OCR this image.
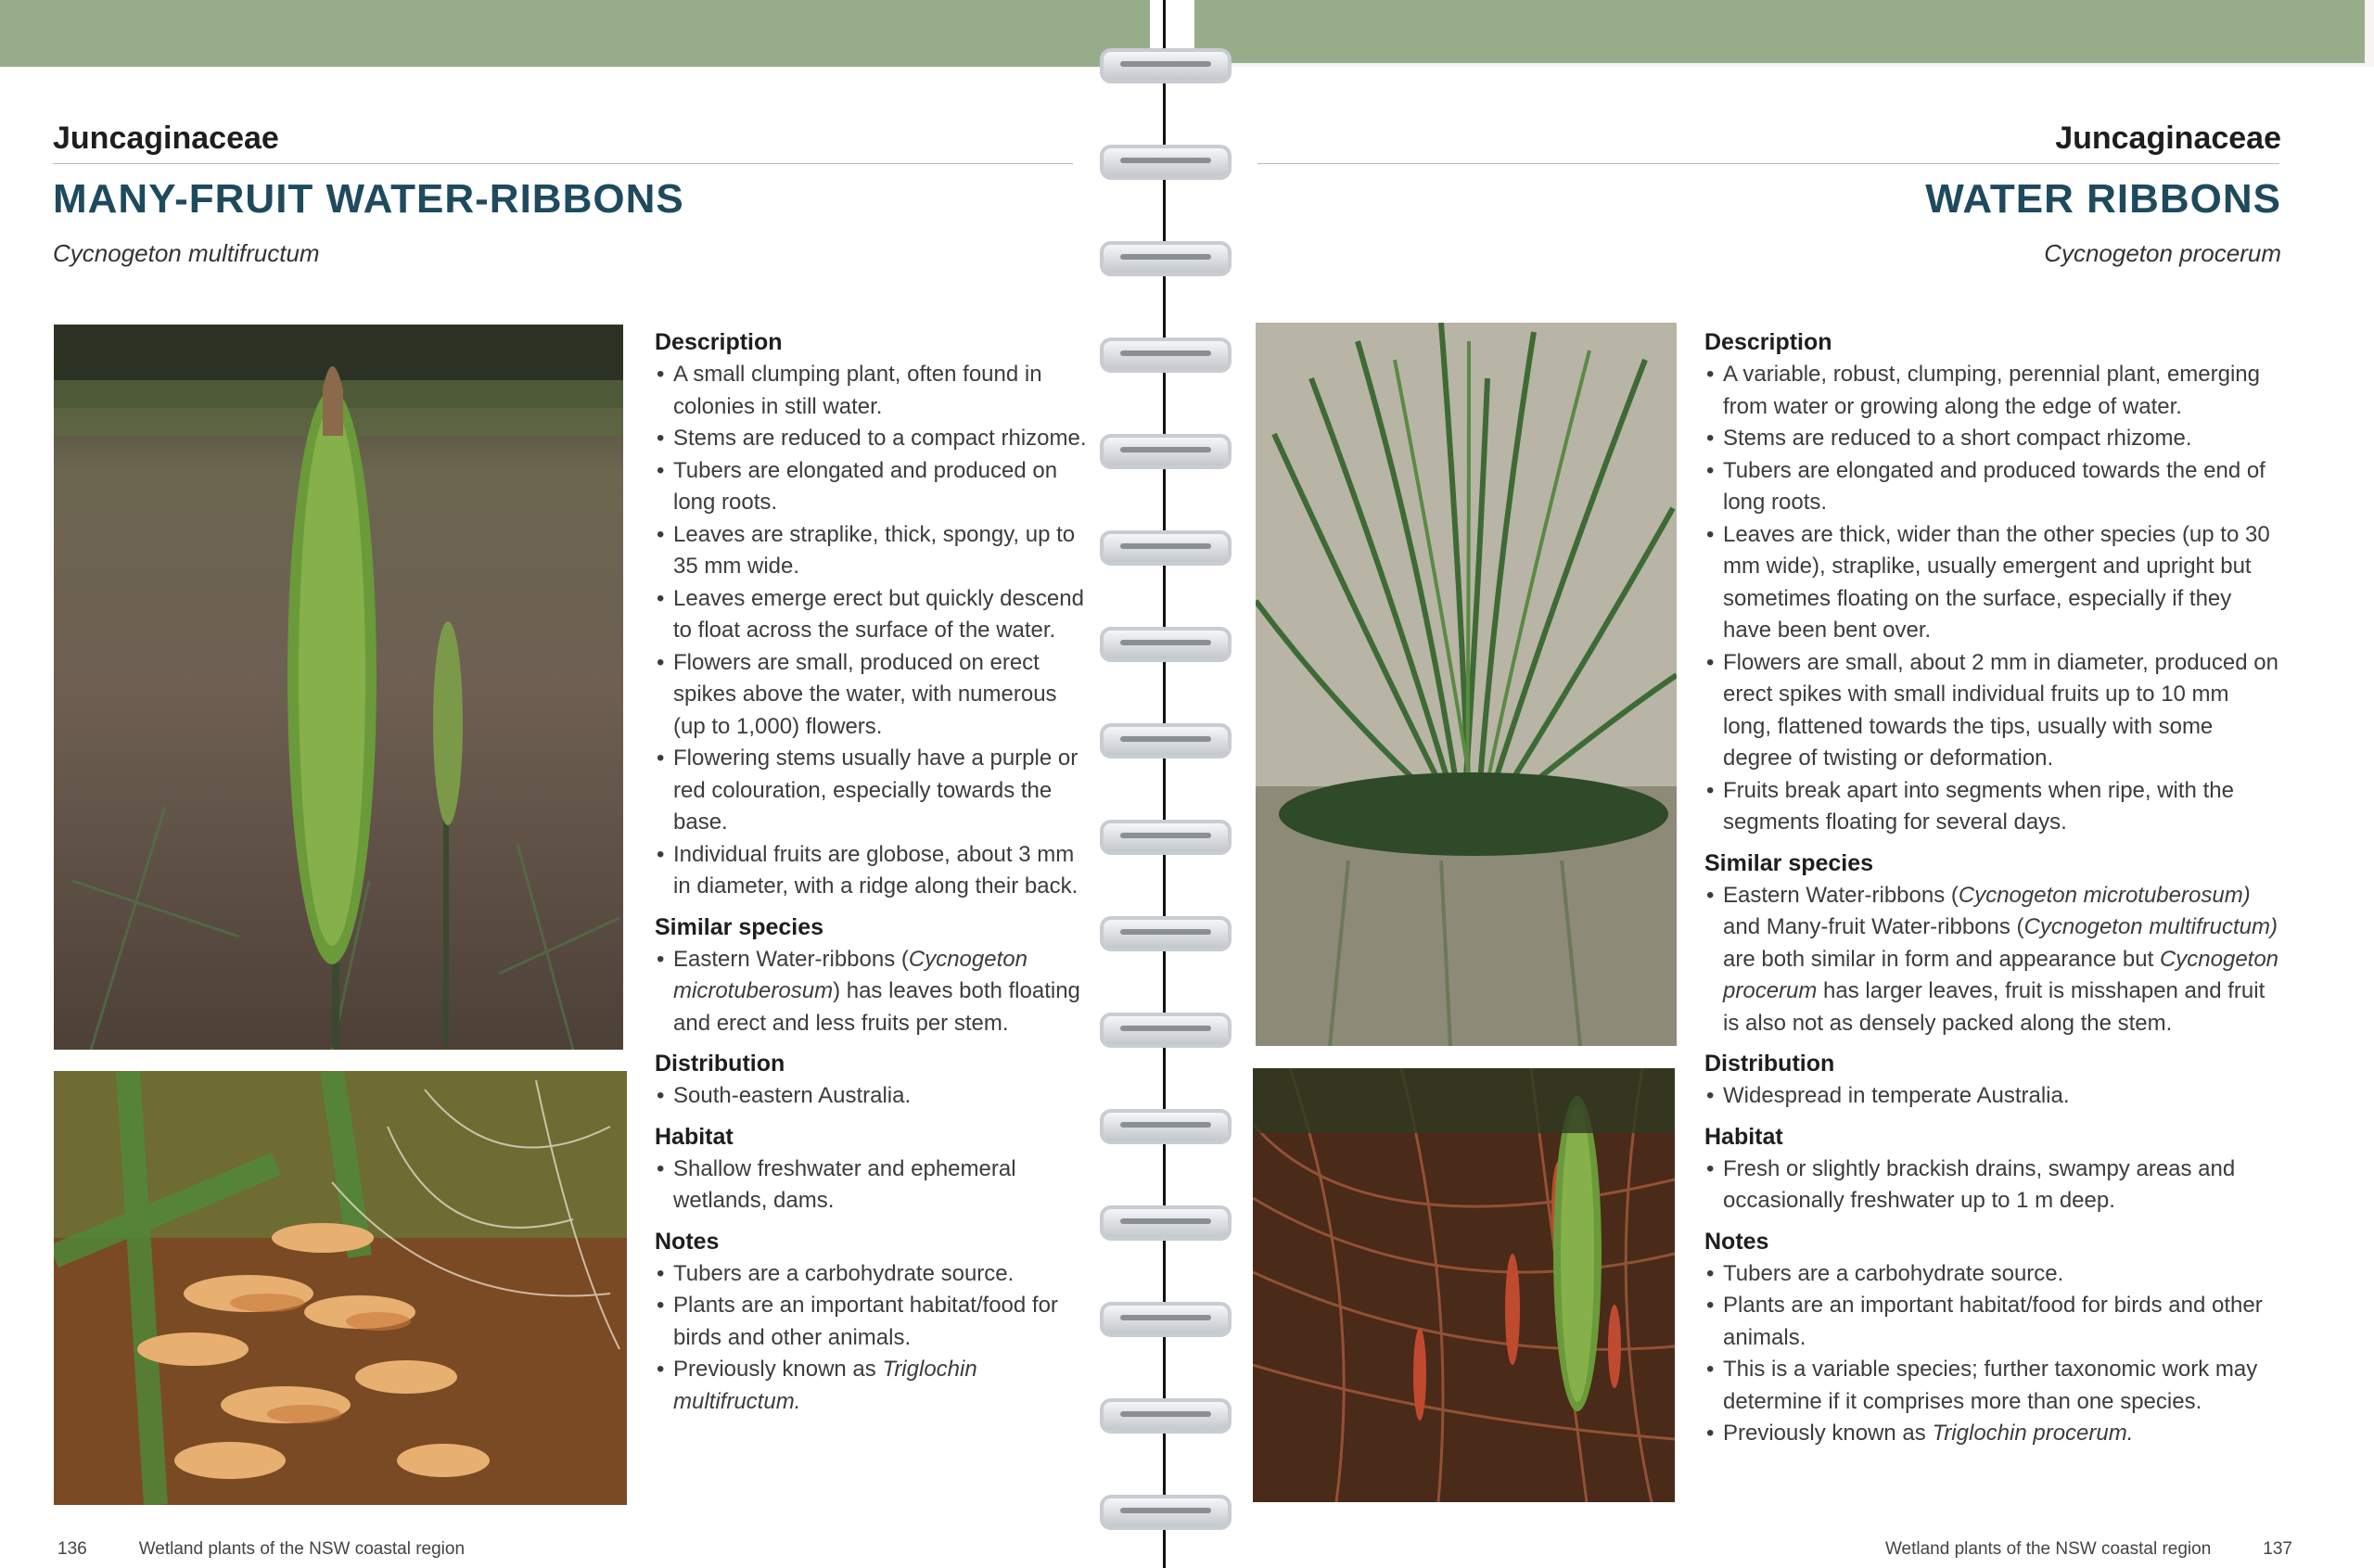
Juncaginaceae
MANY-FRUIT WATER-RIBBONS
Cycnogeton multifructum
Description
• A small clumping plant, often found in colonies in still water.
• Stems are reduced to a compact rhizome.
• Tubers are elongated and produced on long roots.
• Leaves are straplike, thick, spongy, up to 35 mm wide.
• Leaves emerge erect but quickly descend to float across the surface of the water.
• Flowers are small, produced on erect spikes above the water, with numerous (up to 1,000) flowers.
• Flowering stems usually have a purple or red colouration, especially towards the base.
• Individual fruits are globose, about 3 mm in diameter, with a ridge along their back.
Similar species
• Eastern Water-ribbons (Cycnogeton microtuberosum) has leaves both floating and erect and less fruits per stem.
Distribution
• South-eastern Australia.
Habitat
• Shallow freshwater and ephemeral wetlands, dams.
Notes
• Tubers are a carbohydrate source.
• Plants are an important habitat/food for birds and other animals.
• Previously known as Triglochin multifructum.
136	Wetland plants of the NSW coastal region
Juncaginaceae
WATER RIBBONS
Cycnogeton procerum
Description
• A variable, robust, clumping, perennial plant, emerging from water or growing along the edge of water.
• Stems are reduced to a short compact rhizome.
• Tubers are elongated and produced towards the end of long roots.
• Leaves are thick, wider than the other species (up to 30 mm wide), straplike, usually emergent and upright but sometimes floating on the surface, especially if they have been bent over.
• Flowers are small, about 2 mm in diameter, produced on erect spikes with small individual fruits up to 10 mm long, flattened towards the tips, usually with some degree of twisting or deformation.
• Fruits break apart into segments when ripe, with the segments floating for several days.
Similar species
• Eastern Water-ribbons (Cycnogeton microtuberosum) and Many-fruit Water-ribbons (Cycnogeton multifructum) are both similar in form and appearance but Cycnogeton procerum has larger leaves, fruit is misshapen and fruit is also not as densely packed along the stem.
Distribution
• Widespread in temperate Australia.
Habitat
• Fresh or slightly brackish drains, swampy areas and occasionally freshwater up to 1 m deep.
Notes
• Tubers are a carbohydrate source.
• Plants are an important habitat/food for birds and other animals.
• This is a variable species; further taxonomic work may determine if it comprises more than one species.
• Previously known as Triglochin procerum.
Wetland plants of the NSW coastal region	137
